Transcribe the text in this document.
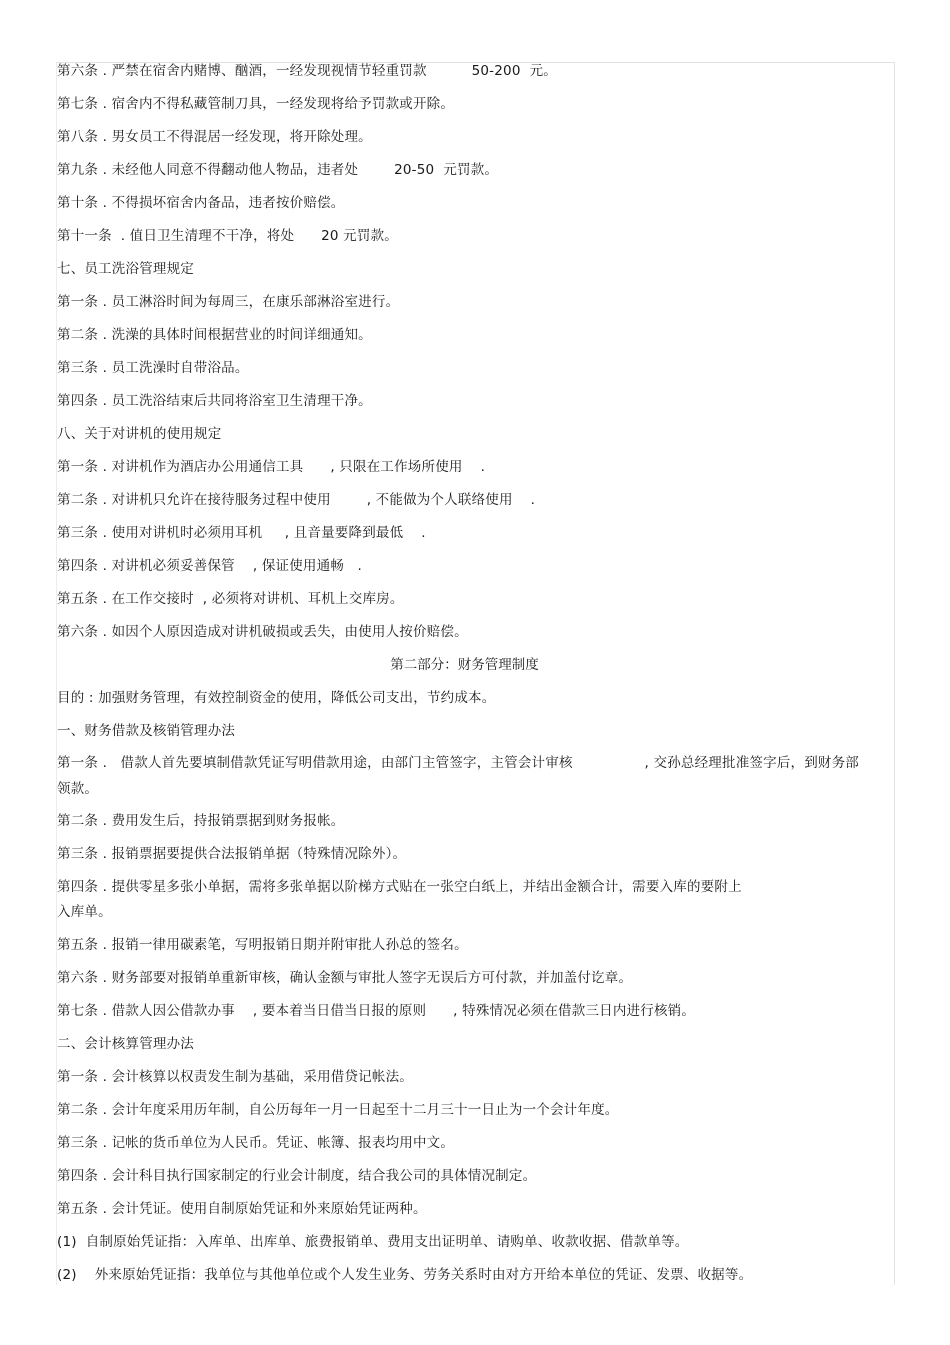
第六条 . 严禁在宿舍内赌博、酗酒，一经发现视情节轻重罚款          50-200  元。
第七条 . 宿舍内不得私藏管制刀具，一经发现将给予罚款或开除。
第八条 . 男女员工不得混居一经发现，将开除处理。
第九条 . 未经他人同意不得翻动他人物品，违者处        20-50  元罚款。
第十条 . 不得损坏宿舍内备品，违者按价赔偿。
第十一条  . 值日卫生清理不干净，将处      20 元罚款。
七、员工洗浴管理规定
第一条 . 员工淋浴时间为每周三，在康乐部淋浴室进行。
第二条 . 洗澡的具体时间根据营业的时间详细通知。
第三条 . 员工洗澡时自带浴品。
第四条 . 员工洗浴结束后共同将浴室卫生清理干净。
八、关于对讲机的使用规定
第一条 . 对讲机作为酒店办公用通信工具      , 只限在工作场所使用    .
第二条 . 对讲机只允许在接待服务过程中使用        , 不能做为个人联络使用    .
第三条 . 使用对讲机时必须用耳机     , 且音量要降到最低    .
第四条 . 对讲机必须妥善保管    , 保证使用通畅   .
第五条 . 在工作交接时  , 必须将对讲机、耳机上交库房。
第六条 . 如因个人原因造成对讲机破损或丢失，由使用人按价赔偿。
第二部分：财务管理制度
目的 : 加强财务管理，有效控制资金的使用，降低公司支出，节约成本。
一、财务借款及核销管理办法
第一条 .   借款人首先要填制借款凭证写明借款用途，由部门主管签字，主管会计审核                , 交孙总经理批准签字后，到财务部领款。
第二条 . 费用发生后，持报销票据到财务报帐。
第三条 . 报销票据要提供合法报销单据（特殊情况除外）。
第四条 . 提供零星多张小单据，需将多张单据以阶梯方式贴在一张空白纸上，并结出金额合计，需要入库的要附上
入库单。
第五条 . 报销一律用碳素笔，写明报销日期并附审批人孙总的签名。
第六条 . 财务部要对报销单重新审核，确认金额与审批人签字无误后方可付款，并加盖付讫章。
第七条 . 借款人因公借款办事    , 要本着当日借当日报的原则      , 特殊情况必须在借款三日内进行核销。
二、会计核算管理办法
第一条 . 会计核算以权责发生制为基础，采用借贷记帐法。
第二条 . 会计年度采用历年制，自公历每年一月一日起至十二月三十一日止为一个会计年度。
第三条 . 记帐的货币单位为人民币。凭证、帐簿、报表均用中文。
第四条 . 会计科目执行国家制定的行业会计制度，结合我公司的具体情况制定。
第五条 . 会计凭证。使用自制原始凭证和外来原始凭证两种。
(1)  自制原始凭证指：入库单、出库单、旅费报销单、费用支出证明单、请购单、收款收据、借款单等。
(2)    外来原始凭证指：我单位与其他单位或个人发生业务、劳务关系时由对方开给本单位的凭证、发票、收据等。
